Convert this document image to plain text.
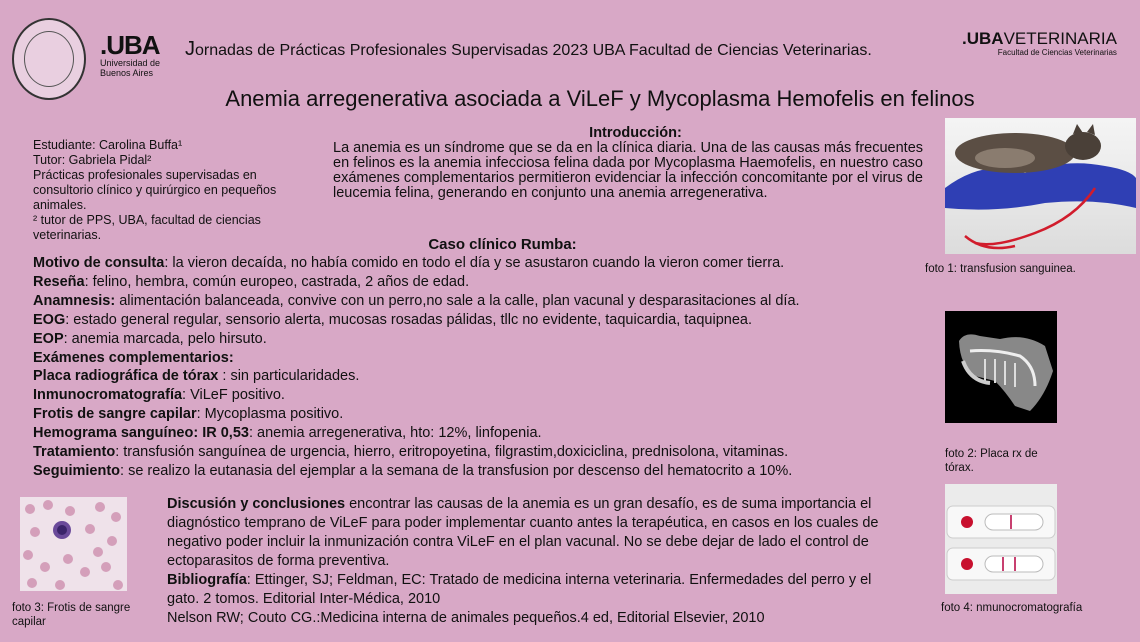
.UBA
Universidad de
Buenos Aires
Jornadas de Prácticas Profesionales Supervisadas 2023 UBA Facultad de Ciencias Veterinarias.
.UBAVETERINARIA
Facultad de Ciencias Veterinarias
Anemia arregenerativa asociada a ViLeF y Mycoplasma Hemofelis en felinos
Estudiante: Carolina Buffa¹
Tutor: Gabriela Pidal²
Prácticas profesionales supervisadas en consultorio clínico y quirúrgico en pequeños animales.
² tutor de PPS, UBA, facultad de ciencias veterinarias.
Introducción:
La anemia es un síndrome que se da en la clínica diaria. Una de las causas más frecuentes en felinos es la anemia infecciosa felina dada por Mycoplasma Haemofelis, en nuestro caso exámenes complementarios permitieron evidenciar la infección concomitante por el virus de leucemia felina, generando en conjunto una anemia arregenerativa.
Caso clínico Rumba:
Motivo de consulta: la vieron decaída, no había comido en todo el día y se asustaron cuando la vieron comer tierra.
Reseña: felino, hembra, común europeo, castrada, 2 años de edad.
Anamnesis: alimentación balanceada, convive con un perro,no sale a la calle, plan vacunal y desparasitaciones al día.
EOG: estado general regular, sensorio alerta, mucosas rosadas pálidas, tllc no evidente, taquicardia, taquipnea.
EOP: anemia marcada, pelo hirsuto.
Exámenes complementarios:
Placa radiográfica de tórax : sin particularidades.
Inmunocromatografía: ViLeF positivo.
Frotis de sangre capilar: Mycoplasma positivo.
Hemograma sanguíneo: IR 0,53: anemia arregenerativa, hto: 12%, linfopenia.
Tratamiento: transfusión sanguínea de urgencia, hierro, eritropoyetina, filgrastim,doxiciclina, prednisolona, vitaminas.
Seguimiento: se realizo la eutanasia del ejemplar a la semana de la transfusion por descenso del hematocrito a 10%.
Discusión y conclusiones encontrar las causas de la anemia es un gran desafío, es de suma importancia el diagnóstico temprano de ViLeF para poder implementar cuanto antes la terapéutica, en casos en los cuales de negativo poder incluir la inmunización contra ViLeF en el plan vacunal. No se debe dejar de lado el control de ectoparasitos de forma preventiva.
Bibliografía: Ettinger, SJ; Feldman, EC: Tratado de medicina interna veterinaria. Enfermedades del perro y el gato. 2 tomos. Editorial Inter-Médica, 2010
Nelson RW; Couto CG.:Medicina interna de animales pequeños.4 ed, Editorial Elsevier, 2010
foto 1: transfusion sanguinea.
foto 2: Placa rx de tórax.
foto 3: Frotis de sangre capilar
foto 4: nmunocromatografía
